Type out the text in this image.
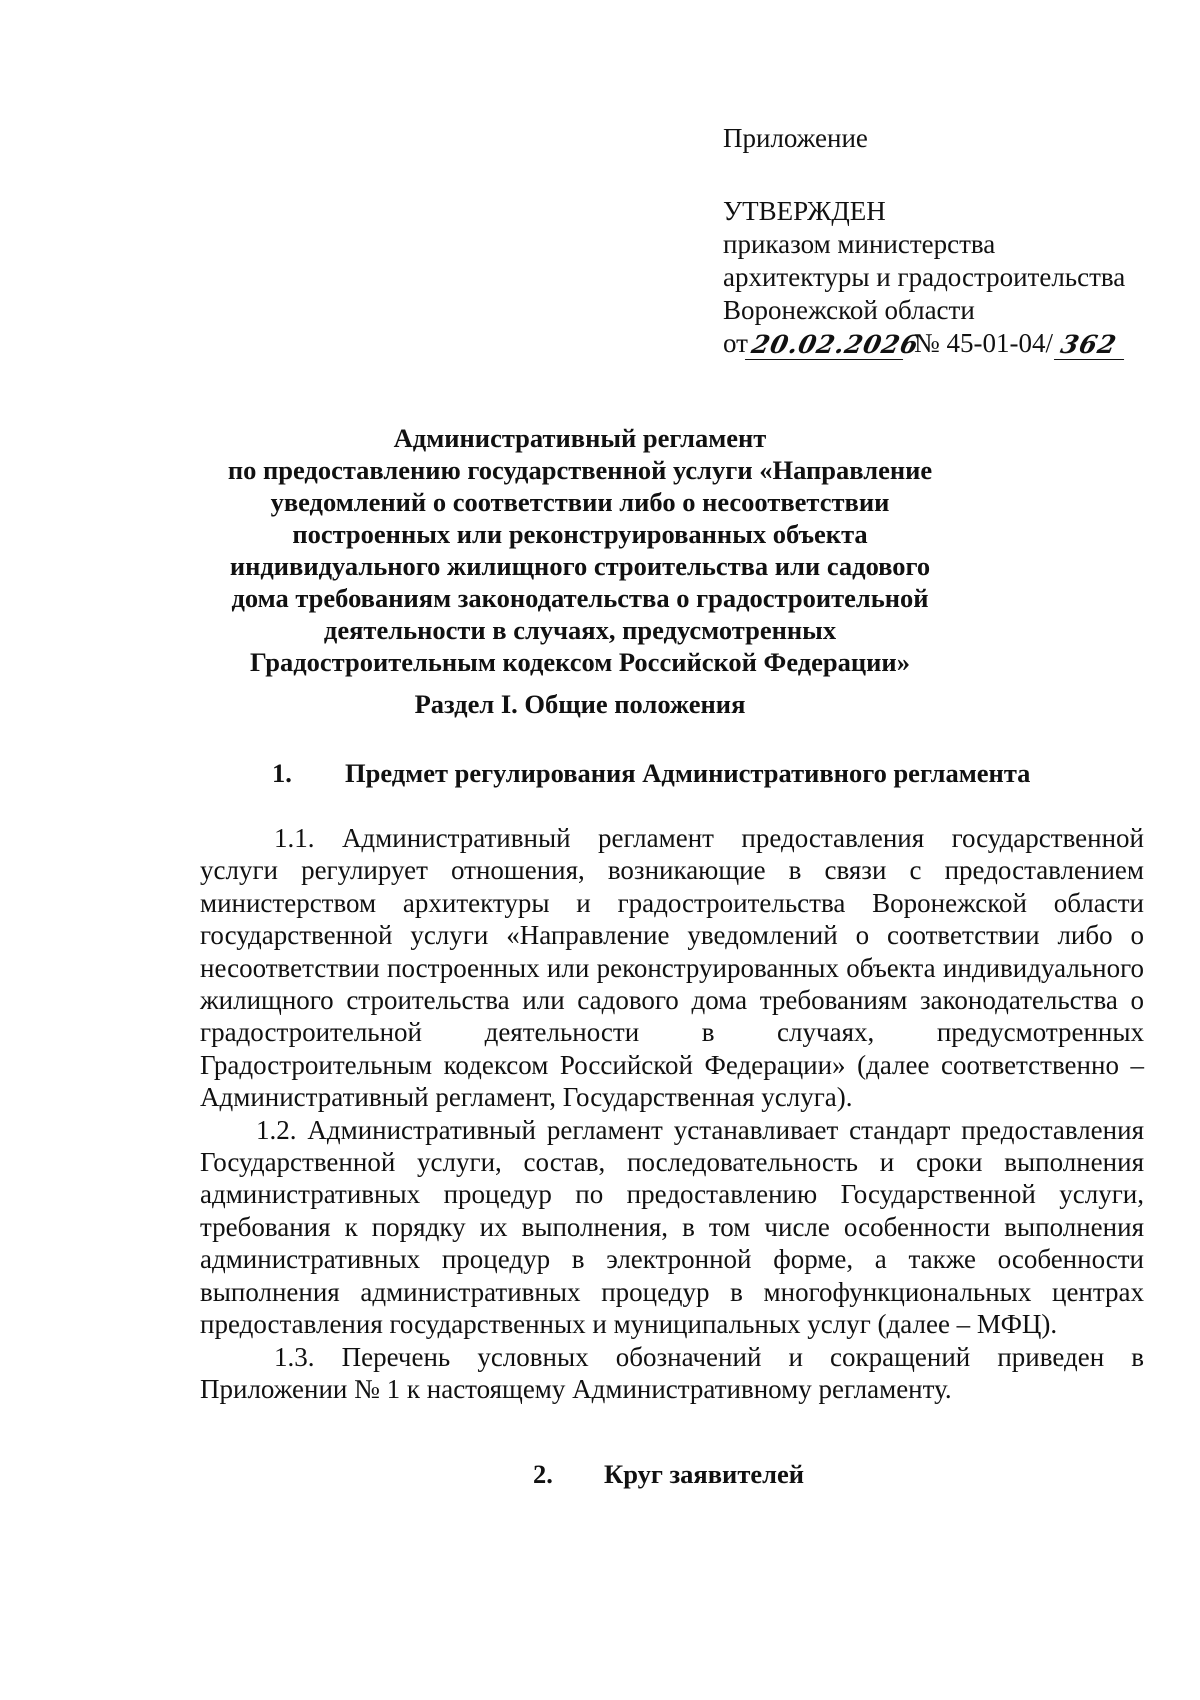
Приложение
УТВЕРЖДЕН
приказом министерства
архитектуры и градостроительства
Воронежской области
от 20.02.2026
№ 45-01-04/ 362
Административный регламент
по предоставлению государственной услуги «Направление уведомлений о соответствии либо о несоответствии построенных или реконструированных объекта индивидуального жилищного строительства или садового дома требованиям законодательства о градостроительной деятельности в случаях, предусмотренных Градостроительным кодексом Российской Федерации»
Раздел I. Общие положения
1. Предмет регулирования Административного регламента

1.1. Административный регламент предоставления государственной услуги регулирует отношения, возникающие в связи с предоставлением министерством архитектуры и градостроительства Воронежской области государственной услуги «Направление уведомлений о соответствии либо о несоответствии построенных или реконструированных объекта индивидуального жилищного строительства или садового дома требованиям законодательства о градостроительной деятельности в случаях, предусмотренных Градостроительным кодексом Российской Федерации» (далее соответственно – Административный регламент, Государственная услуга).

1.2. Административный регламент устанавливает стандарт предоставления Государственной услуги, состав, последовательность и сроки выполнения административных процедур по предоставлению Государственной услуги, требования к порядку их выполнения, в том числе особенности выполнения административных процедур в электронной форме, а также особенности выполнения административных процедур в многофункциональных центрах предоставления государственных и муниципальных услуг (далее – МФЦ).

1.3. Перечень условных обозначений и сокращений приведен в Приложении № 1 к настоящему Административному регламенту.

2. Круг заявителей
